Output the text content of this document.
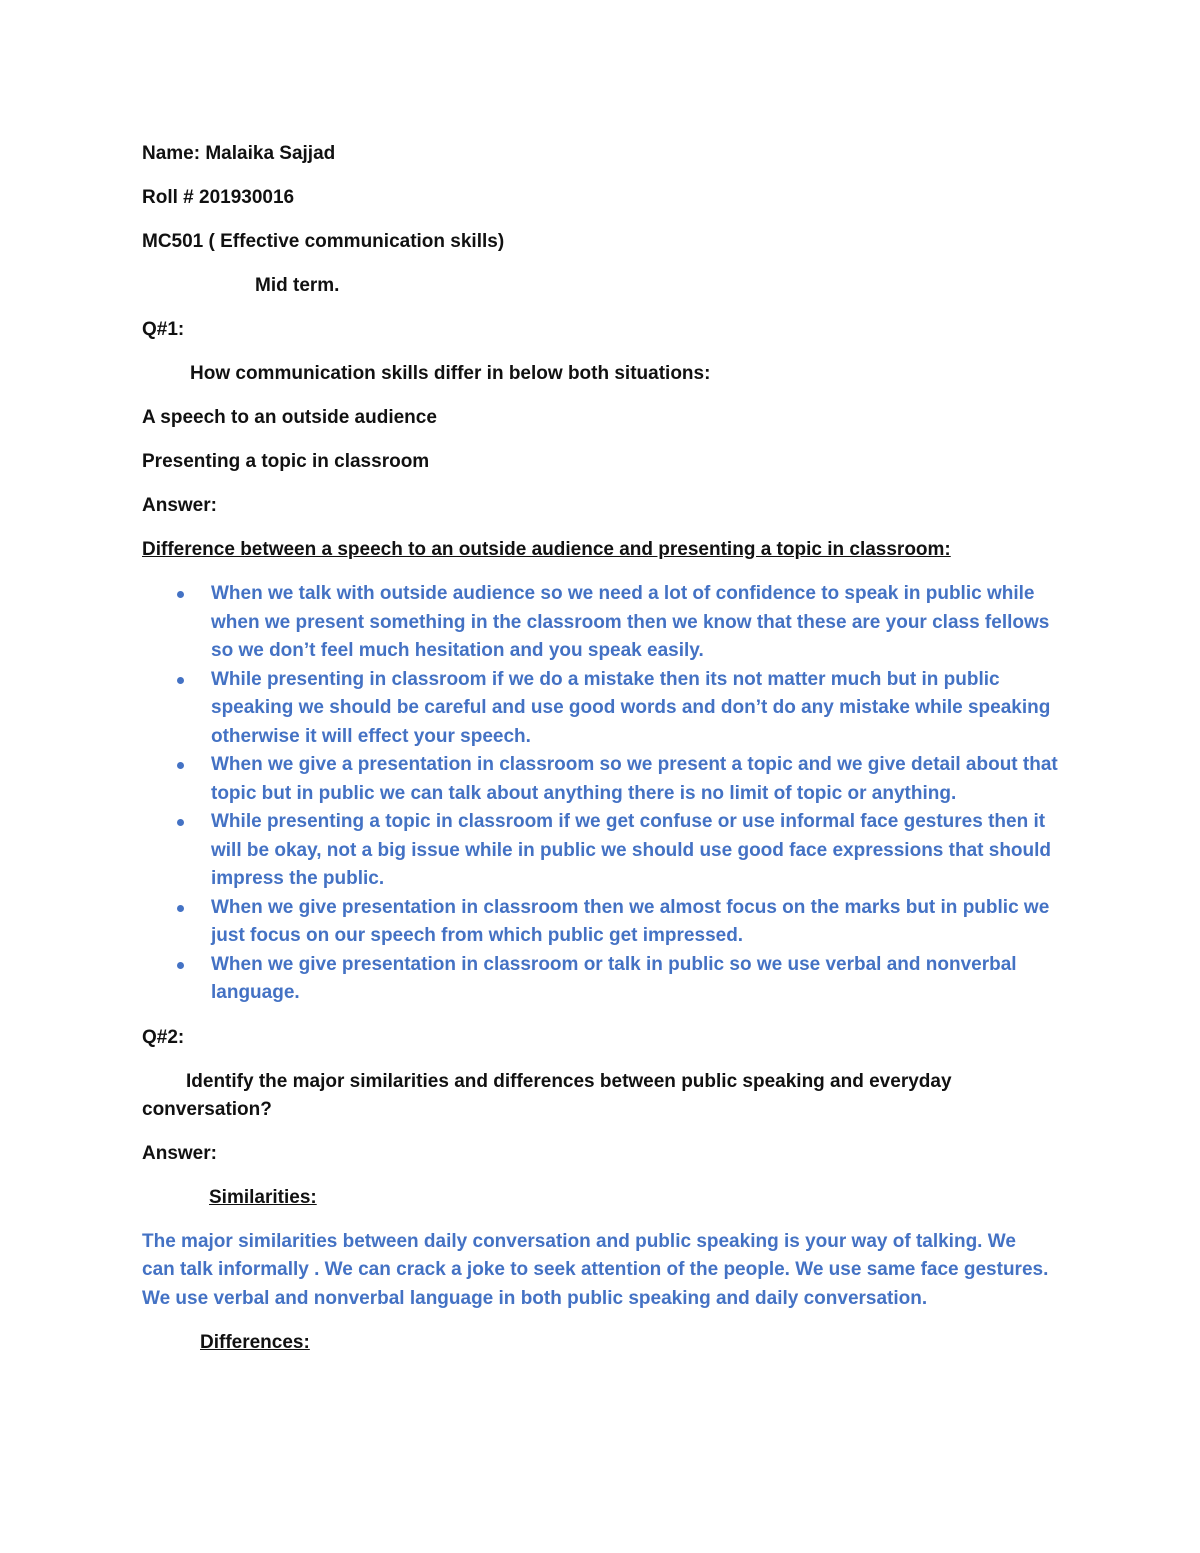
Name: Malaika Sajjad

Roll # 201930016

MC501 ( Effective communication skills)

Mid term.

Q#1:

How communication skills differ in below both situations:

A speech to an outside audience

Presenting a topic in classroom

Answer:

Difference between a speech to an outside audience and presenting a topic in classroom:

When we talk with outside audience so we need a lot of confidence to speak in public while when we present something in the classroom then we know that these are your class fellows so we don’t feel much hesitation and you speak easily.
While presenting in classroom if we do a mistake then its not matter much but in public speaking we should be careful and use good words and don’t do any mistake while speaking otherwise it will effect your speech.
When we give a presentation in classroom so we present a topic and we give detail about that topic but in public we can talk about anything there is no limit of topic or anything.
While presenting a topic in classroom if we get confuse or use informal face gestures then it will be okay, not a big issue while in public we should use good face expressions that should impress the public.
When we give presentation in classroom then we almost focus on the marks but in public we just focus on our speech from which public get impressed.
When we give presentation in classroom or talk in public so we use verbal and nonverbal language.

Q#2:

Identify the major similarities and differences between public speaking and everyday conversation?

Answer:

Similarities:

The major similarities between daily conversation and public speaking is your way of talking. We can talk informally . We can crack a joke to seek attention of the people. We use same face gestures. We use verbal and nonverbal language in both public speaking and daily conversation.

Differences:
